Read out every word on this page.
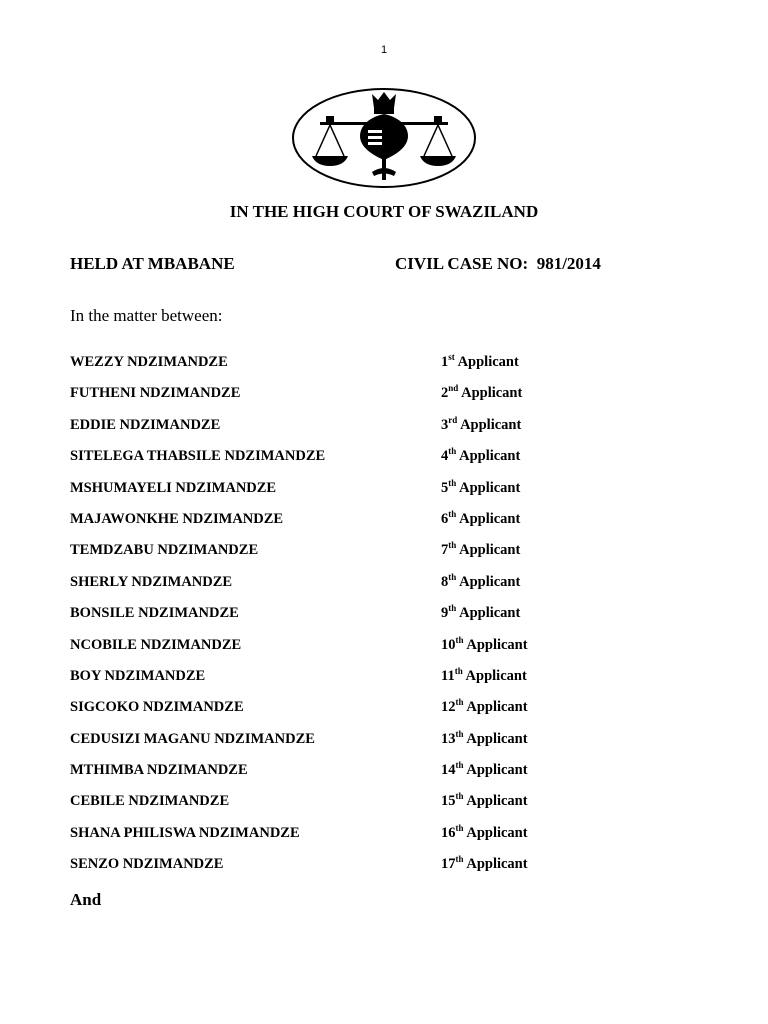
1
IN THE HIGH COURT OF SWAZILAND
HELD AT MBABANE	CIVIL CASE NO:  981/2014
In the matter between:
WEZZY NDZIMANDZE	1st Applicant
FUTHENI NDZIMANDZE	2nd Applicant
EDDIE NDZIMANDZE	3rd Applicant
SITELEGA THABSILE NDZIMANDZE	4th Applicant
MSHUMAYELI NDZIMANDZE	5th Applicant
MAJAWONKHE NDZIMANDZE	6th Applicant
TEMDZABU NDZIMANDZE	7th Applicant
SHERLY NDZIMANDZE	8th Applicant
BONSILE NDZIMANDZE	9th Applicant
NCOBILE NDZIMANDZE	10th Applicant
BOY NDZIMANDZE	11th Applicant
SIGCOKO NDZIMANDZE	12th Applicant
CEDUSIZI MAGANU NDZIMANDZE	13th Applicant
MTHIMBA NDZIMANDZE	14th Applicant
CEBILE NDZIMANDZE	15th Applicant
SHANA PHILISWA NDZIMANDZE	16th Applicant
SENZO NDZIMANDZE	17th Applicant
And
